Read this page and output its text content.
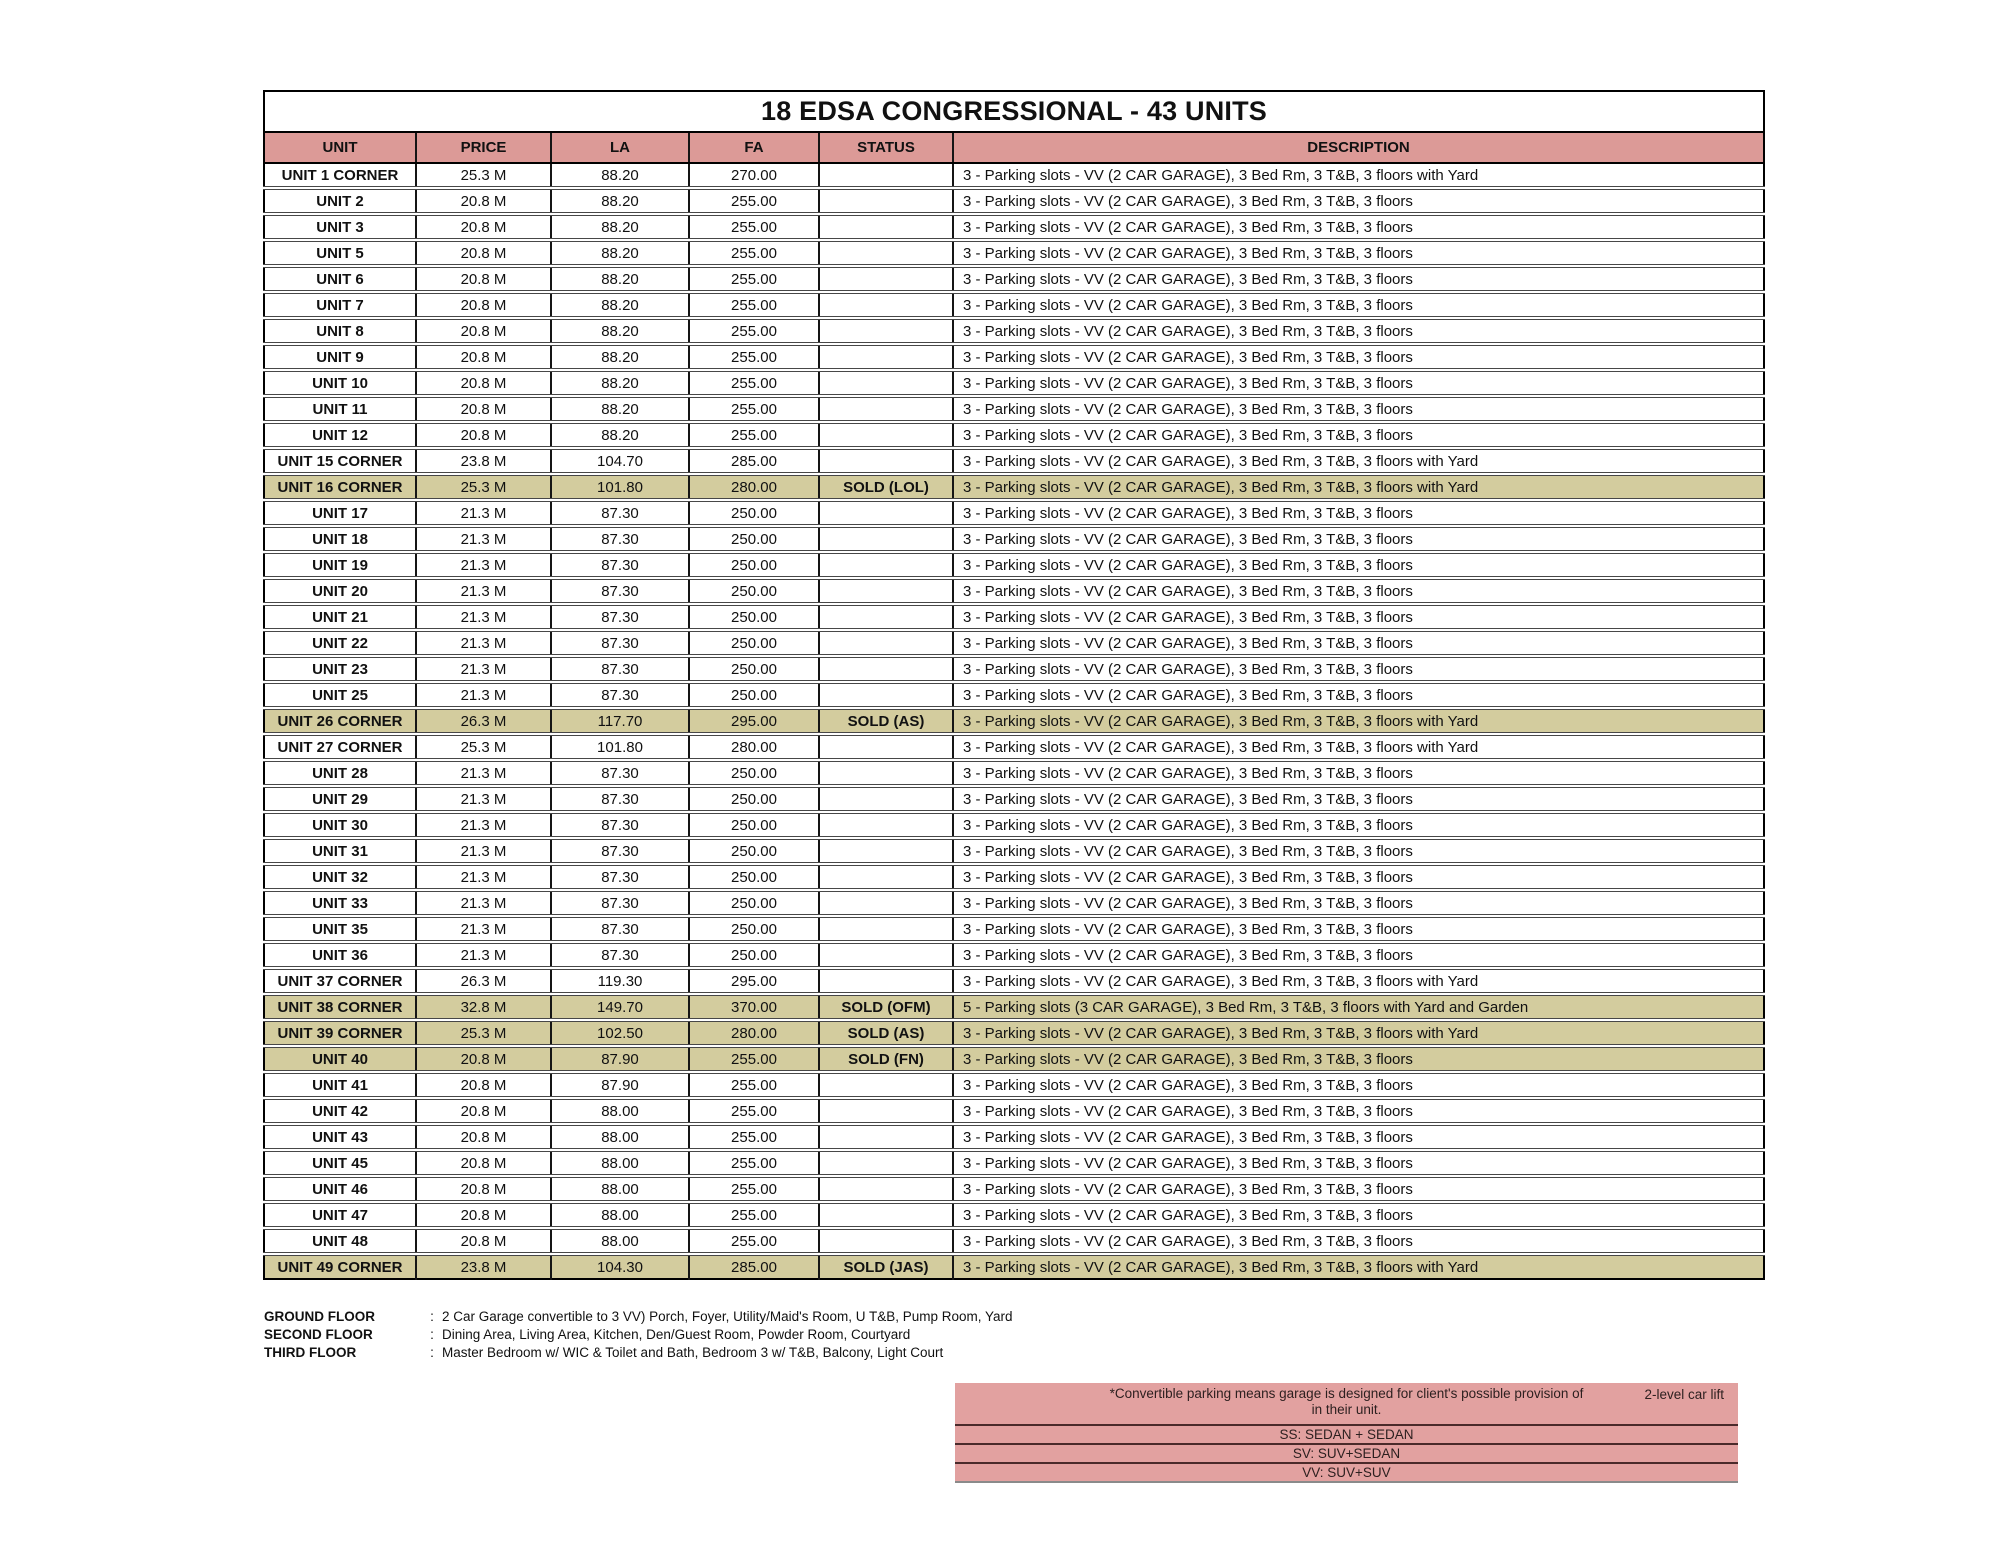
18 EDSA CONGRESSIONAL - 43 UNITS					
UNIT	PRICE	LA	FA	STATUS	DESCRIPTION
UNIT 1 CORNER	25.3 M	88.20	270.00		3 - Parking slots - VV (2 CAR GARAGE), 3 Bed Rm, 3 T&B, 3 floors with Yard
UNIT 2	20.8 M	88.20	255.00		3 - Parking slots - VV (2 CAR GARAGE), 3 Bed Rm, 3 T&B, 3 floors
UNIT 3	20.8 M	88.20	255.00		3 - Parking slots - VV (2 CAR GARAGE), 3 Bed Rm, 3 T&B, 3 floors
UNIT 5	20.8 M	88.20	255.00		3 - Parking slots - VV (2 CAR GARAGE), 3 Bed Rm, 3 T&B, 3 floors
UNIT 6	20.8 M	88.20	255.00		3 - Parking slots - VV (2 CAR GARAGE), 3 Bed Rm, 3 T&B, 3 floors
UNIT 7	20.8 M	88.20	255.00		3 - Parking slots - VV (2 CAR GARAGE), 3 Bed Rm, 3 T&B, 3 floors
UNIT 8	20.8 M	88.20	255.00		3 - Parking slots - VV (2 CAR GARAGE), 3 Bed Rm, 3 T&B, 3 floors
UNIT 9	20.8 M	88.20	255.00		3 - Parking slots - VV (2 CAR GARAGE), 3 Bed Rm, 3 T&B, 3 floors
UNIT 10	20.8 M	88.20	255.00		3 - Parking slots - VV (2 CAR GARAGE), 3 Bed Rm, 3 T&B, 3 floors
UNIT 11	20.8 M	88.20	255.00		3 - Parking slots - VV (2 CAR GARAGE), 3 Bed Rm, 3 T&B, 3 floors
UNIT 12	20.8 M	88.20	255.00		3 - Parking slots - VV (2 CAR GARAGE), 3 Bed Rm, 3 T&B, 3 floors
UNIT 15 CORNER	23.8 M	104.70	285.00		3 - Parking slots - VV (2 CAR GARAGE), 3 Bed Rm, 3 T&B, 3 floors with Yard
UNIT 16 CORNER	25.3 M	101.80	280.00	SOLD (LOL)	3 - Parking slots - VV (2 CAR GARAGE), 3 Bed Rm, 3 T&B, 3 floors with Yard
UNIT 17	21.3 M	87.30	250.00		3 - Parking slots - VV (2 CAR GARAGE), 3 Bed Rm, 3 T&B, 3 floors
UNIT 18	21.3 M	87.30	250.00		3 - Parking slots - VV (2 CAR GARAGE), 3 Bed Rm, 3 T&B, 3 floors
UNIT 19	21.3 M	87.30	250.00		3 - Parking slots - VV (2 CAR GARAGE), 3 Bed Rm, 3 T&B, 3 floors
UNIT 20	21.3 M	87.30	250.00		3 - Parking slots - VV (2 CAR GARAGE), 3 Bed Rm, 3 T&B, 3 floors
UNIT 21	21.3 M	87.30	250.00		3 - Parking slots - VV (2 CAR GARAGE), 3 Bed Rm, 3 T&B, 3 floors
UNIT 22	21.3 M	87.30	250.00		3 - Parking slots - VV (2 CAR GARAGE), 3 Bed Rm, 3 T&B, 3 floors
UNIT 23	21.3 M	87.30	250.00		3 - Parking slots - VV (2 CAR GARAGE), 3 Bed Rm, 3 T&B, 3 floors
UNIT 25	21.3 M	87.30	250.00		3 - Parking slots - VV (2 CAR GARAGE), 3 Bed Rm, 3 T&B, 3 floors
UNIT 26 CORNER	26.3 M	117.70	295.00	SOLD (AS)	3 - Parking slots - VV (2 CAR GARAGE), 3 Bed Rm, 3 T&B, 3 floors with Yard
UNIT 27 CORNER	25.3 M	101.80	280.00		3 - Parking slots - VV (2 CAR GARAGE), 3 Bed Rm, 3 T&B, 3 floors with Yard
UNIT 28	21.3 M	87.30	250.00		3 - Parking slots - VV (2 CAR GARAGE), 3 Bed Rm, 3 T&B, 3 floors
UNIT 29	21.3 M	87.30	250.00		3 - Parking slots - VV (2 CAR GARAGE), 3 Bed Rm, 3 T&B, 3 floors
UNIT 30	21.3 M	87.30	250.00		3 - Parking slots - VV (2 CAR GARAGE), 3 Bed Rm, 3 T&B, 3 floors
UNIT 31	21.3 M	87.30	250.00		3 - Parking slots - VV (2 CAR GARAGE), 3 Bed Rm, 3 T&B, 3 floors
UNIT 32	21.3 M	87.30	250.00		3 - Parking slots - VV (2 CAR GARAGE), 3 Bed Rm, 3 T&B, 3 floors
UNIT 33	21.3 M	87.30	250.00		3 - Parking slots - VV (2 CAR GARAGE), 3 Bed Rm, 3 T&B, 3 floors
UNIT 35	21.3 M	87.30	250.00		3 - Parking slots - VV (2 CAR GARAGE), 3 Bed Rm, 3 T&B, 3 floors
UNIT 36	21.3 M	87.30	250.00		3 - Parking slots - VV (2 CAR GARAGE), 3 Bed Rm, 3 T&B, 3 floors
UNIT 37 CORNER	26.3 M	119.30	295.00		3 - Parking slots - VV (2 CAR GARAGE), 3 Bed Rm, 3 T&B, 3 floors with Yard
UNIT 38 CORNER	32.8 M	149.70	370.00	SOLD (OFM)	5 - Parking slots (3 CAR GARAGE), 3 Bed Rm, 3 T&B, 3 floors with Yard and Garden
UNIT 39 CORNER	25.3 M	102.50	280.00	SOLD (AS)	3 - Parking slots - VV (2 CAR GARAGE), 3 Bed Rm, 3 T&B, 3 floors with Yard
UNIT 40	20.8 M	87.90	255.00	SOLD (FN)	3 - Parking slots - VV (2 CAR GARAGE), 3 Bed Rm, 3 T&B, 3 floors
UNIT 41	20.8 M	87.90	255.00		3 - Parking slots - VV (2 CAR GARAGE), 3 Bed Rm, 3 T&B, 3 floors
UNIT 42	20.8 M	88.00	255.00		3 - Parking slots - VV (2 CAR GARAGE), 3 Bed Rm, 3 T&B, 3 floors
UNIT 43	20.8 M	88.00	255.00		3 - Parking slots - VV (2 CAR GARAGE), 3 Bed Rm, 3 T&B, 3 floors
UNIT 45	20.8 M	88.00	255.00		3 - Parking slots - VV (2 CAR GARAGE), 3 Bed Rm, 3 T&B, 3 floors
UNIT 46	20.8 M	88.00	255.00		3 - Parking slots - VV (2 CAR GARAGE), 3 Bed Rm, 3 T&B, 3 floors
UNIT 47	20.8 M	88.00	255.00		3 - Parking slots - VV (2 CAR GARAGE), 3 Bed Rm, 3 T&B, 3 floors
UNIT 48	20.8 M	88.00	255.00		3 - Parking slots - VV (2 CAR GARAGE), 3 Bed Rm, 3 T&B, 3 floors
UNIT 49 CORNER	23.8 M	104.30	285.00	SOLD (JAS)	3 - Parking slots - VV (2 CAR GARAGE), 3 Bed Rm, 3 T&B, 3 floors with Yard
GROUND FLOOR	: 2 Car Garage convertible to 3 VV) Porch, Foyer, Utility/Maid's Room, U T&B, Pump Room, Yard
SECOND FLOOR	: Dining Area, Living Area, Kitchen, Den/Guest Room, Powder Room, Courtyard
THIRD FLOOR	: Master Bedroom w/ WIC & Toilet and Bath, Bedroom 3 w/ T&B, Balcony, Light Court
*Convertible parking means garage is designed for client's possible provision of
in their unit.
2-level car lift
SS: SEDAN + SEDAN
SV: SUV+SEDAN
VV: SUV+SUV
